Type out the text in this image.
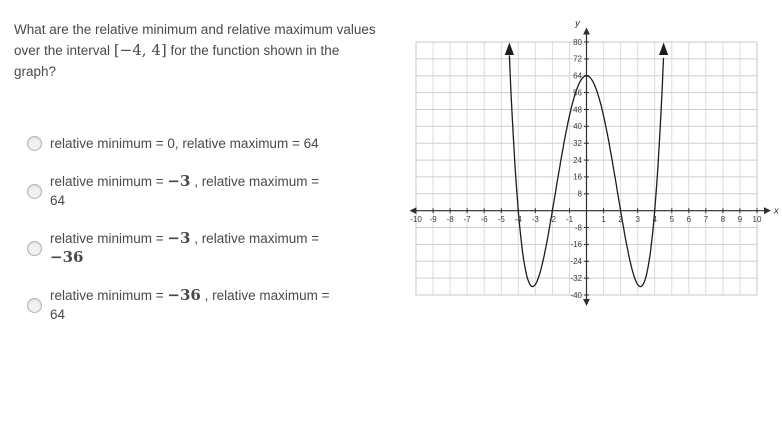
What are the relative minimum and relative maximum values over the interval [−4, 4] for the function shown in the graph?
relative minimum = 0, relative maximum = 64
relative minimum = −3 , relative maximum =
64
relative minimum = −3 , relative maximum =
−36
relative minimum = −36 , relative maximum =
64
x
y
-10 -9 -8 -7 -6 -5 -4 -3 -2 -1	1 2 3 4 5 6 7 8 9 10
80
72
64
56
48
40
32
24
16
8
-8
-16
-24
-32
-40
